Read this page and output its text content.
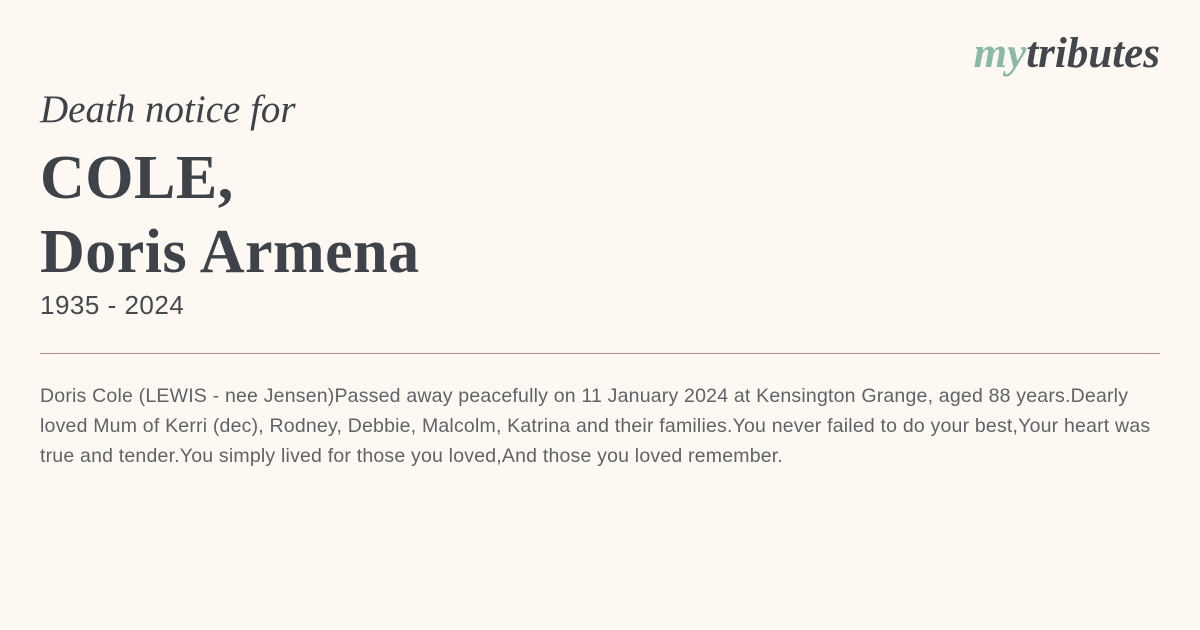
mytributes
Death notice for
COLE,
Doris Armena
1935 - 2024

Doris Cole (LEWIS - nee Jensen)Passed away peacefully on 11 January 2024 at Kensington Grange, aged 88 years.Dearly loved Mum of Kerri (dec), Rodney, Debbie, Malcolm, Katrina and their families.You never failed to do your best,Your heart was true and tender.You simply lived for those you loved,And those you loved remember.
